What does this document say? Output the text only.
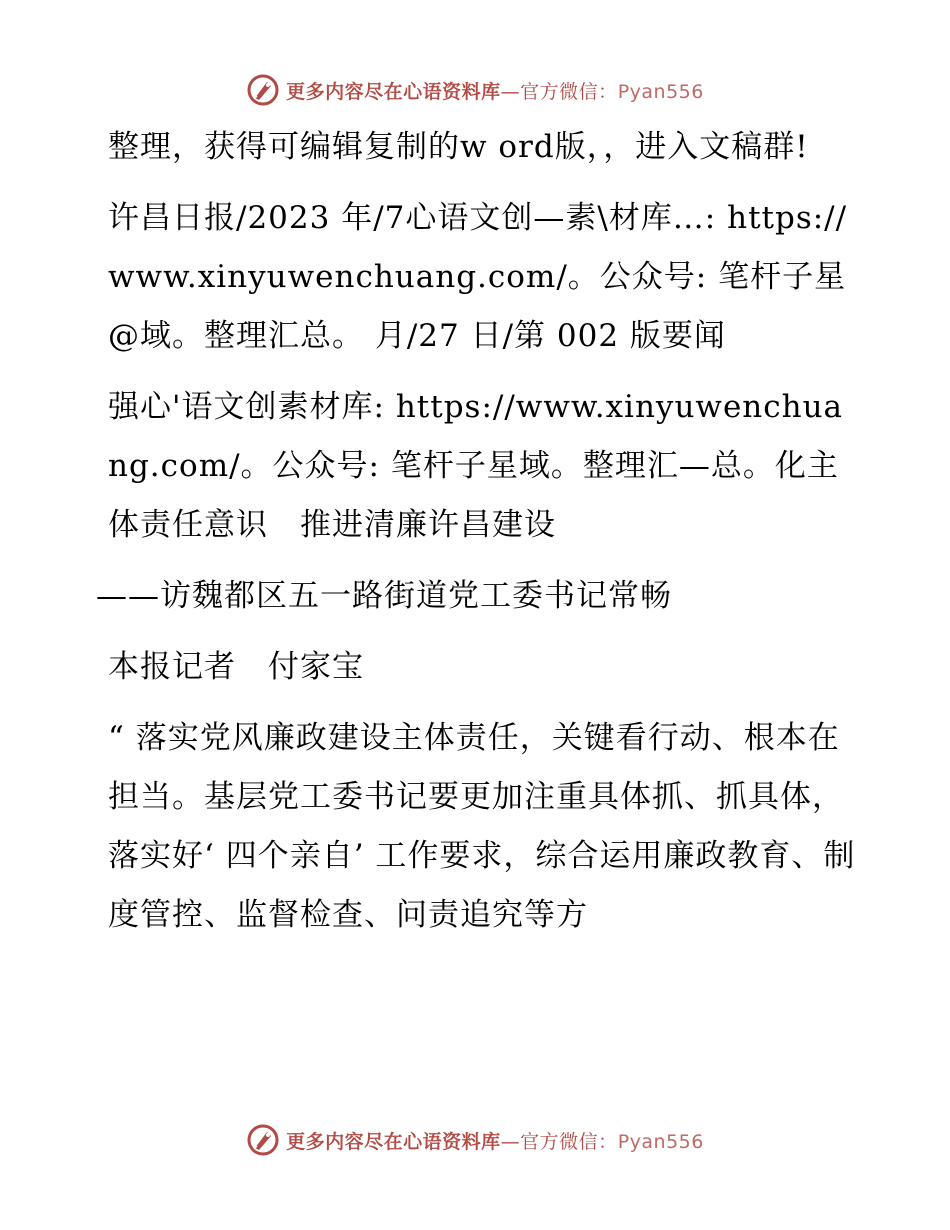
更多内容尽在心语资料库—官方微信：Pyan556

整理，获得可编辑复制的w ord版，，进入文稿群!

许昌日报/2023 年/7心语文创—素\材库…: https://www.xinyuwenchuang.com/。公众号: 笔杆子星@域。整理汇总。 月/27 日/第 002 版要闻

强心'语文创素材库: https://www.xinyuwenchuang.com/。公众号: 笔杆子星域。整理汇—总。化主体责任意识　推进清廉许昌建设

——访魏都区五一路街道党工委书记常畅

本报记者　付家宝

“ 落实党风廉政建设主体责任，关键看行动、根本在担当。基层党工委书记要更加注重具体抓、抓具体，落实好‘ 四个亲自’ 工作要求，综合运用廉政教育、制度管控、监督检查、问责追究等方

更多内容尽在心语资料库—官方微信：Pyan556
